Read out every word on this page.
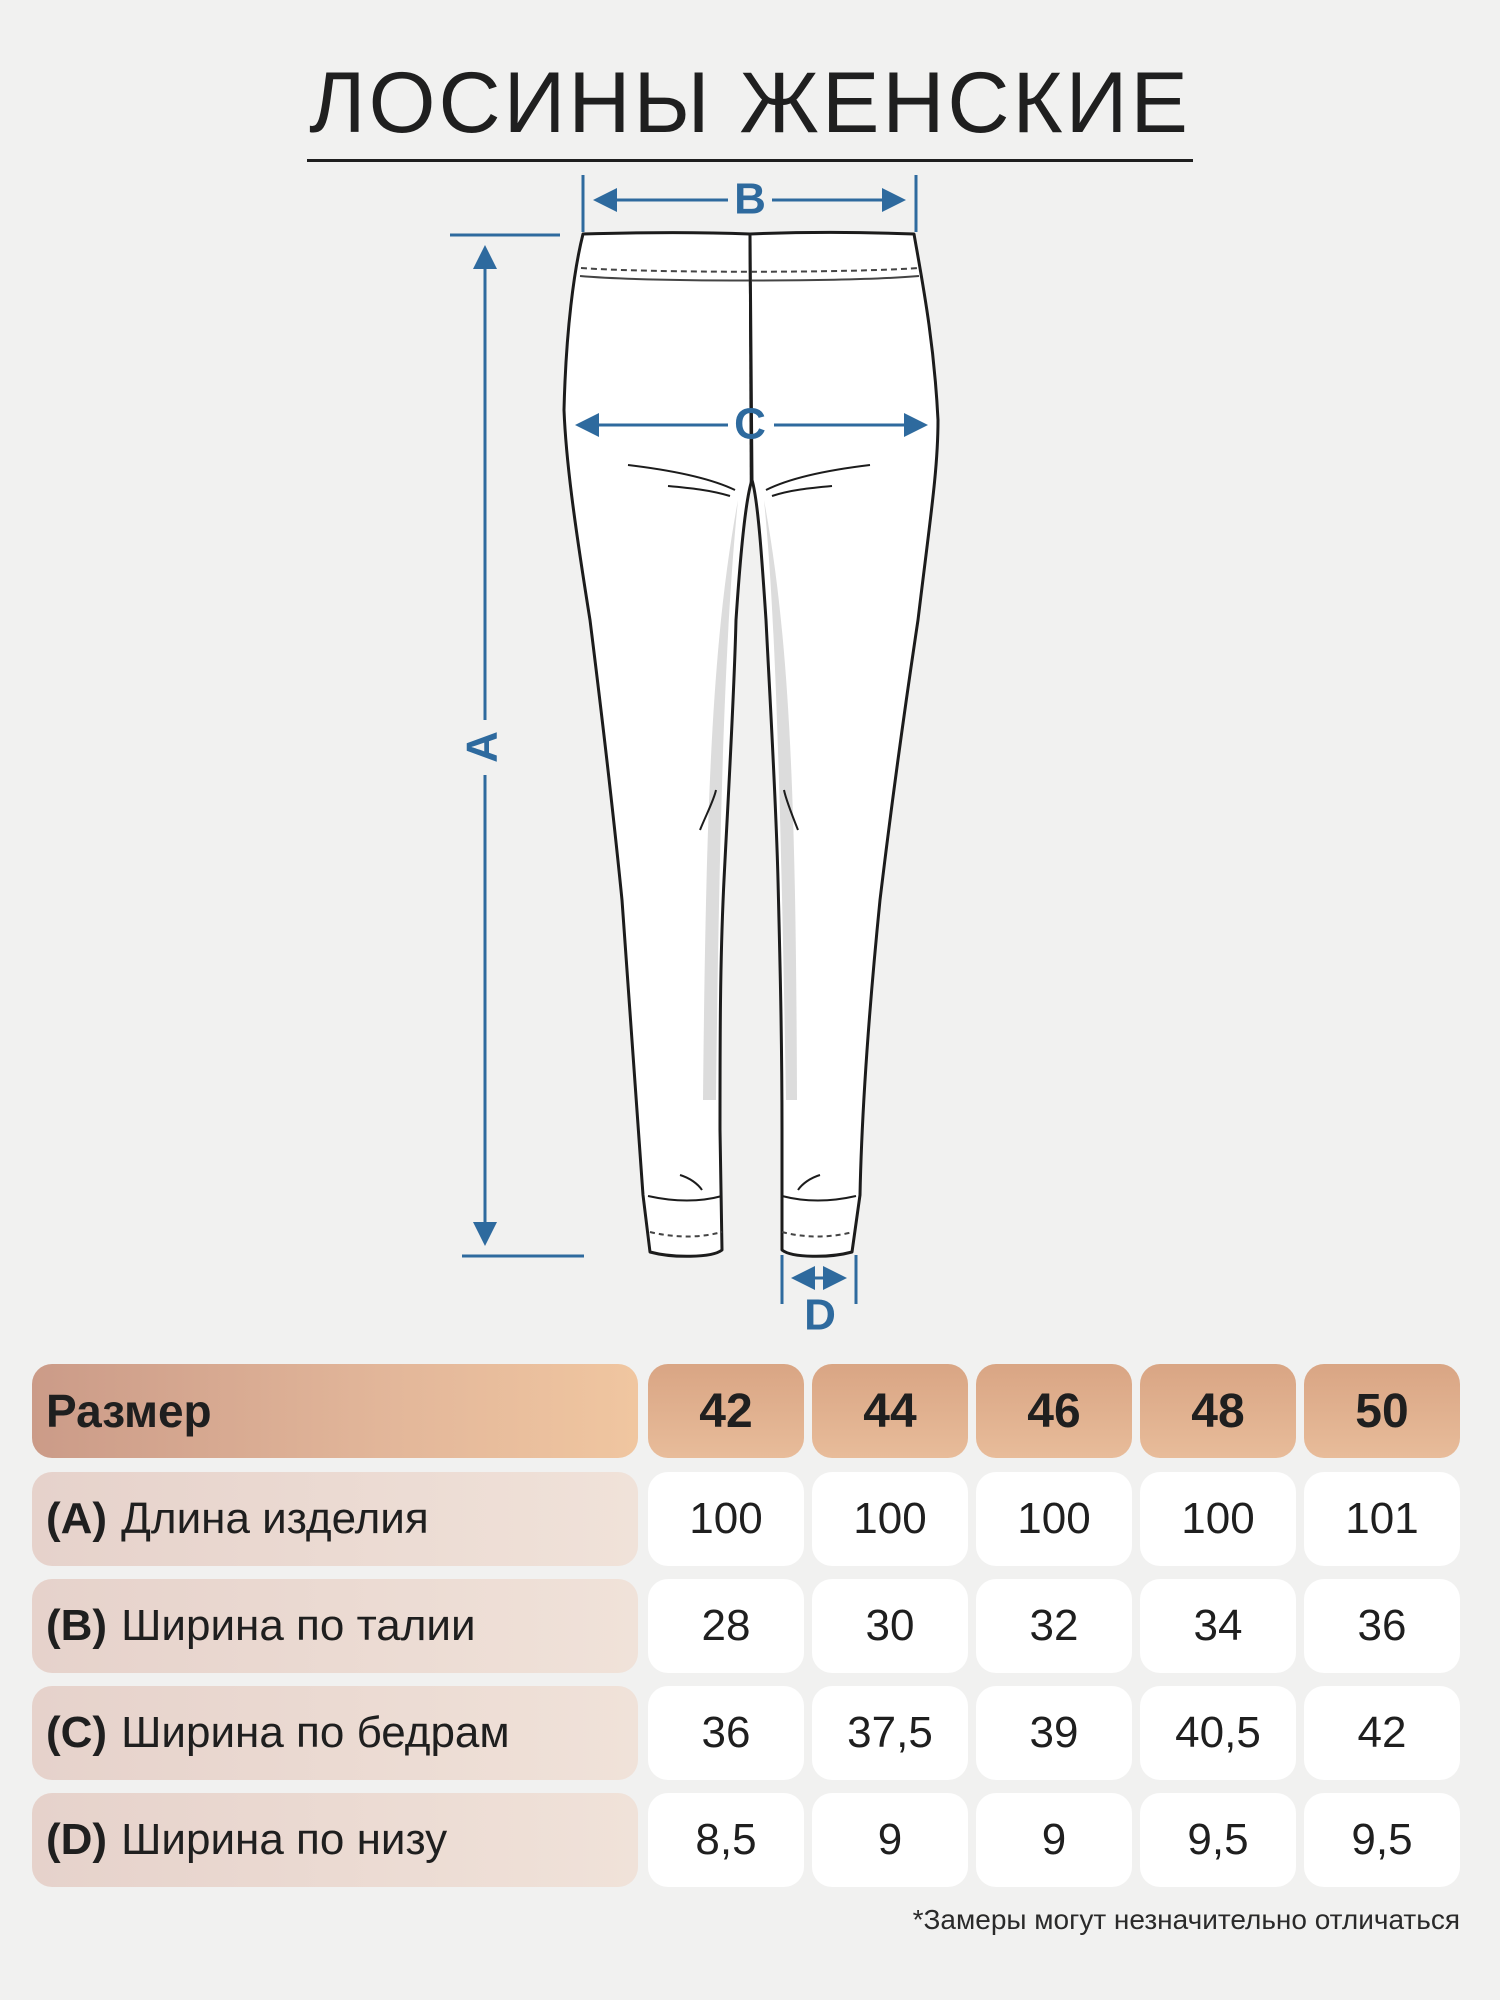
ЛОСИНЫ ЖЕНСКИЕ
A
B
C
D
Размер	42	44	46	48	50
(A) Длина изделия	100	100	100	100	101
(B) Ширина по талии	28	30	32	34	36
(C) Ширина по бедрам	36	37,5	39	40,5	42
(D) Ширина по низу	8,5	9	9	9,5	9,5
*Замеры могут незначительно отличаться
